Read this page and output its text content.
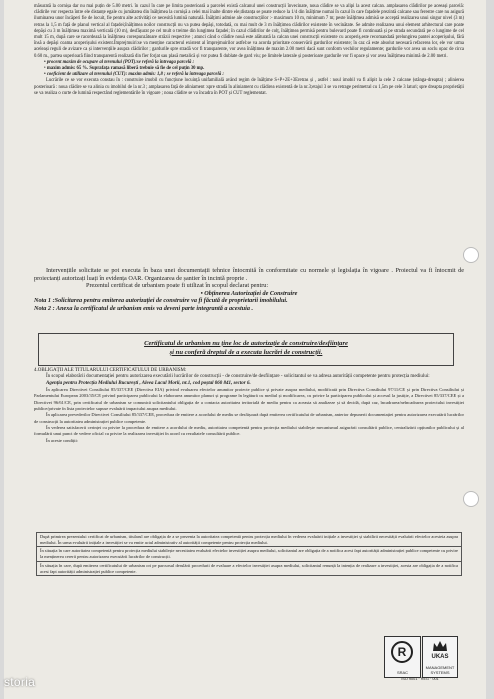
măsurată la cornișa dar nu mai puțin de 5.00 metri. în cazul în care pe limita posterioară a parcelei există calcanul unei construcții învecinate, noua clădire se va alipi la acest calcan. amplasarea clădirilor pe aceeași parcelă: clădirile vor respecta între ele distanțe egale cu jumătatea din înălțimea la cornișă a celei mai înalte dintre ele;distanța se poate reduce la 1/4 din înălțime numai în cazul în care fațadele prezintă calcane sau ferestre care nu asigură iluminarea unor încăperi fie de locuit, fie pentru alte activități ce necesită lumină naturală. Înălțimi admise ale construcțiilor :- maximum 10 m, minimum 7 m; peste înălțimea admisă se acceptă realizarea unui singur nivel (3 m) retras la 1,5 m față de planul vertical al fațadei;înălțimea noilor construcții nu va putea depăși, totodată, cu mai mult de 3 m înălțimea clădirilor existente în vecinătate. Se admite realizarea unui element arhitectural care poate depăși cu 3 m înălțimea maximă verticală (10 m), desfășurat pe cel mult o treime din lungimea fațadei; în cazul clădirilor de colț, înălțimea permisă pentru bulevard poate fi continuată și pe strada secundară pe o lungime de cel mult 15 m, după care se racordează la înălțimea corespunzătoare străzii respective ; atunci când o clădire nouă este alăturată la calcan unei construcții existente cu acoperiș,este recomandată prelungirea pantei acoperișului, fără însă a depăși coama acoperișului existent.Împrejmuiri:se va menține caracterul existent al împrejmuirilor astfel:se va acorda prioritate conservării gardurilor existente; în caz că este absolut necesară refacerea lor, ele vor urma aceleași reguli de avizare ca și intervențiile asupra clădirilor ; gardurile spre stradă vor fi transparente, vor avea înălțimea de maxim 2.00 metri dacă sunt conform vechilor regulamente; gardurile vor avea un soclu opac de circa 0.60 m., partea superioară fiind transparentă realizată din fier forjat sau plasă metalică și vor putea fi dublate de gard viu; pe limitele laterale și posterioare gardurile vor fi opace și vor avea înălțimea minimă de 2.00 metri.

• procent maxim de ocupare al terenului (POT):se referă la întreaga parcelă :

• maxim admis: 65 %. Suprafața ramasă liberă trebuie să fie de cel puțin 30 mp.

• coeficient de utilizare al terenului (CUT): maxim admis: 1,8 ; se referă la întreaga parcelă :

Lucrările ce se vor executa constau în : construire imobil cu funcțiune locuință unifamilială având regim de înălțime S+P+2E+3Eretras și , astfel : noul imobil va fi alipit la cele 2 calcane (stânga-dreapta) ; alinierea posterioară : noua clădire se va alinia cu imobilul de la nr.3 ; amplasarea față de aliniament :spre stradă în aliniament cu clădirea existentă de la nr.3;etajul 3 se va retrage perimetral cu 1,5m pe cele 3 laturi; spre dreapta proprietății se va realiza o curte de lumină respectând reglementările în vigoare ; noua clădire se va încadra în POT și CUT reglementat.

Intervențiile solicitate se pot executa în baza unei documentații tehnice întocmită în conformitate cu normele și legislația în vigoare . Proiectul va fi întocmit de proiectanți autorizați luați în evidența OAR. Organizarea de șantier în incintă proprie .

Prezentul certificat de urbanism poate fi utilizat în scopul declarat pentru:

• Obținerea Autorizației de Construire

Nota 1 :Solicitarea pentru emiterea autorizației de construire va fi făcută de proprietarii imobilului.

Nota 2 : Anexa la certificatul de urbanism emis va deveni parte integrantă a acestuia .

Certificatul de urbanism nu ține loc de autorizație de construire/desființare
și nu conferă dreptul de a executa lucrări de construcții.

4.OBLIGAȚII ALE TITULARULUI CERTIFICATULUI DE URBANISM:

În scopul elaborării documentației pentru autorizarea executării lucrărilor de construcții - de construire/de desființare - solicitantul se va adresa autorității competente pentru protecția mediului:

Agenția pentru Protecția Mediului București , Aleea Lacul Morii, nr.1, cod poștal 060 841, sector 6.

În aplicarea Directivei Consiliului 85/337/CEE (Directiva EIA) privind evaluarea efectelor anumitor proiecte publice și private asupra mediului, modificată prin Directiva Consiliului 97/11/CE și prin Directiva Consiliului și Parlamentului European 2003/35/CE privind participarea publicului la elaborarea anumitor planuri și programe în legătură cu mediul și modificarea, cu privire la participarea publicului și accesul la justiție, a Directivei 85/337/CEE și a Directivei 96/61/CE, prin certificatul de urbanism se comunică solicitantului obligația de a contacta autoritatea teritorială de mediu pentru ca aceasta să analizeze și să decidă, după caz, încadrarea/neîncadrarea proiectului investiției publice/private în lista proiectelor supuse evaluării impactului asupra mediului.

În aplicarea prevederilor Directivei Consiliului 85/337/CEE, procedura de emitere a acordului de mediu se desfășoară după emiterea certificatului de urbanism, anterior depunerii documentației pentru autorizarea executării lucrărilor de construcții la autoritatea administrației publice competente.

În vederea satisfacerii cerinței cu privire la procedura de emitere a acordului de mediu, autoritatea competentă pentru protecția mediului stabilește mecanismul asigurării consultării publice, centralizării opțiunilor publicului și al formulării unui punct de vedere oficial cu privire la realizarea investiției în acord cu rezultatele consultării publice.

În aceste condiții:

După primirea prezentului certificat de urbanism, titularul are obligația de a se prezenta la autoritatea competentă pentru protecția mediului în vederea evaluării inițiale a investiției și stabilirii necesității evaluării efectelor acesteia asupra mediului. În urma evaluării inițiale a investiției se va emite actul administrativ al autorității competente pentru protecția mediului.
În situația în care autoritatea competentă pentru protecția mediului stabilește necesitatea evaluării efectelor investiției asupra mediului, solicitantul are obligația de a notifica acest fapt autorității administrației publice competente cu privire la menținerea cererii pentru autorizarea executării lucrărilor de construcții.
În situația în care, după emiterea certificatului de urbanism ori pe parcursul derulării procedurii de evaluare a efectelor investiției asupra mediului, solicitantul renunță la intenția de realizare a investiției, acesta are obligația de a notifica acest fapt autorității administrației publice competente.
R
SRAC
UKAS
MANAGEMENT SYSTEMS
ISO 9001 · REG · 001
storia
